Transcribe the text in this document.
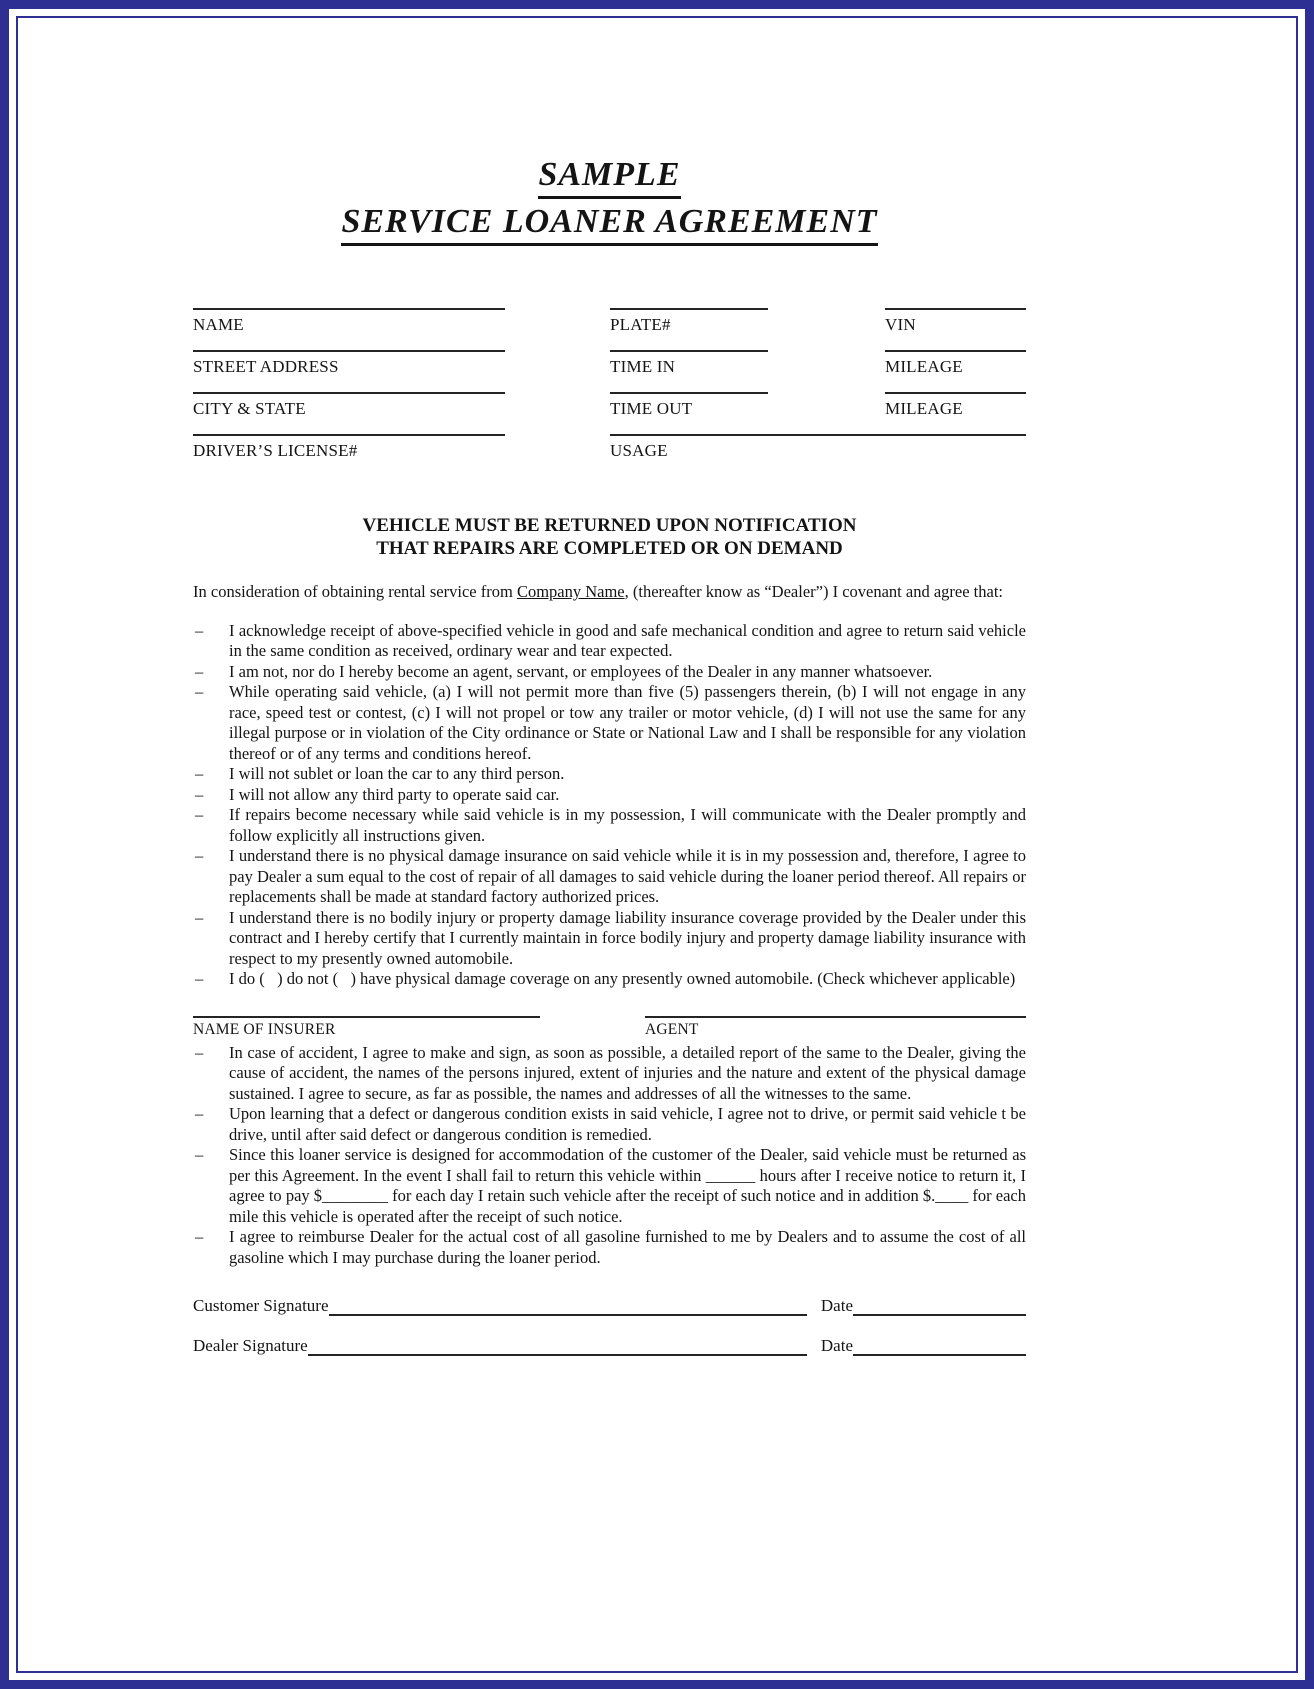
SAMPLE
SERVICE LOANER AGREEMENT
NAME	PLATE#	VIN
STREET ADDRESS	TIME IN	MILEAGE
CITY & STATE	TIME OUT	MILEAGE
DRIVER’S LICENSE#	USAGE
VEHICLE MUST BE RETURNED UPON NOTIFICATION
THAT REPAIRS ARE COMPLETED OR ON DEMAND

In consideration of obtaining rental service from Company Name, (thereafter know as “Dealer”) I covenant and agree that:

– I acknowledge receipt of above-specified vehicle in good and safe mechanical condition and agree to return said vehicle in the same condition as received, ordinary wear and tear expected.
– I am not, nor do I hereby become an agent, servant, or employees of the Dealer in any manner whatsoever.
– While operating said vehicle, (a) I will not permit more than five (5) passengers therein, (b) I will not engage in any race, speed test or contest, (c) I will not propel or tow any trailer or motor vehicle, (d) I will not use the same for any illegal purpose or in violation of the City ordinance or State or National Law and I shall be responsible for any violation thereof or of any terms and conditions hereof.
– I will not sublet or loan the car to any third person.
– I will not allow any third party to operate said car.
– If repairs become necessary while said vehicle is in my possession, I will communicate with the Dealer promptly and follow explicitly all instructions given.
– I understand there is no physical damage insurance on said vehicle while it is in my possession and, therefore, I agree to pay Dealer a sum equal to the cost of repair of all damages to said vehicle during the loaner period thereof. All repairs or replacements shall be made at standard factory authorized prices.
– I understand there is no bodily injury or property damage liability insurance coverage provided by the Dealer under this contract and I hereby certify that I currently maintain in force bodily injury and property damage liability insurance with respect to my presently owned automobile.
– I do (   ) do not (   ) have physical damage coverage on any presently owned automobile. (Check whichever applicable)
NAME OF INSURER	AGENT
– In case of accident, I agree to make and sign, as soon as possible, a detailed report of the same to the Dealer, giving the cause of accident, the names of the persons injured, extent of injuries and the nature and extent of the physical damage sustained. I agree to secure, as far as possible, the names and addresses of all the witnesses to the same.
– Upon learning that a defect or dangerous condition exists in said vehicle, I agree not to drive, or permit said vehicle t be drive, until after said defect or dangerous condition is remedied.
– Since this loaner service is designed for accommodation of the customer of the Dealer, said vehicle must be returned as per this Agreement. In the event I shall fail to return this vehicle within ______ hours after I receive notice to return it, I agree to pay $________ for each day I retain such vehicle after the receipt of such notice and in addition $.____ for each mile this vehicle is operated after the receipt of such notice.
– I agree to reimburse Dealer for the actual cost of all gasoline furnished to me by Dealers and to assume the cost of all gasoline which I may purchase during the loaner period.
Customer Signature	Date
Dealer Signature	Date
